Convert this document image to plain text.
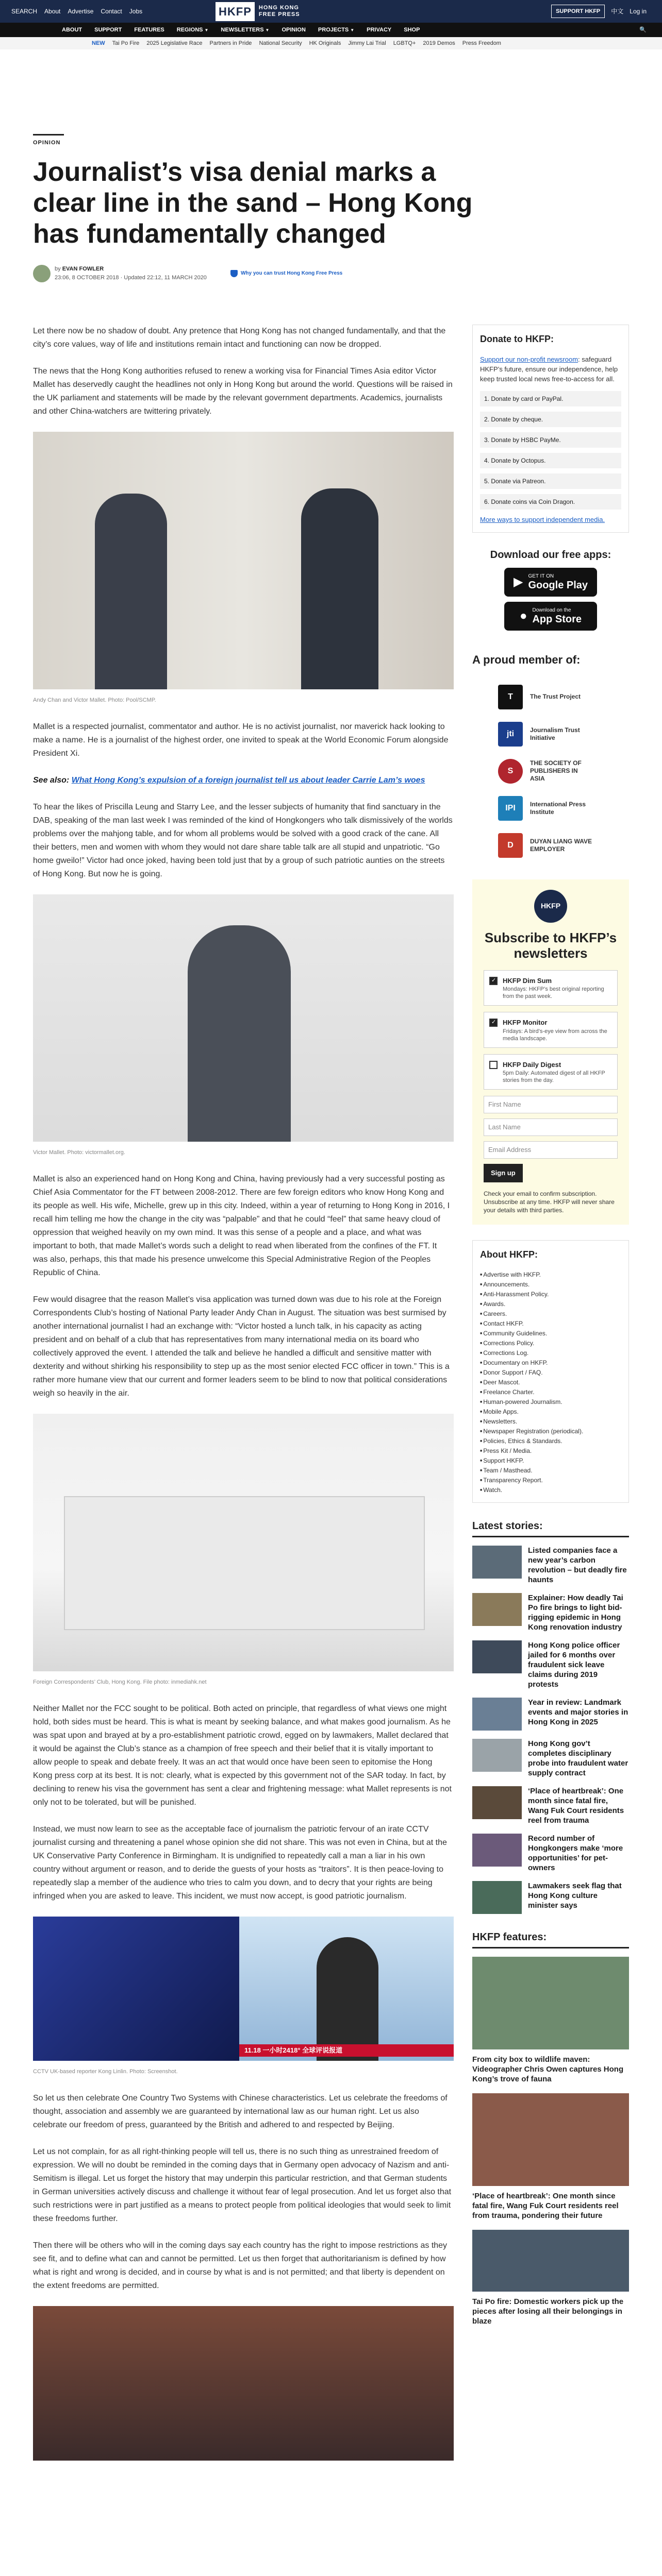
SEARCH About Advertise Contact Jobs	HKFP	HONG KONG
FREE PRESS
SUPPORT HKFP	中文 Log in
ABOUT SUPPORT FEATURES REGIONS ▼ NEWSLETTERS ▼ OPINION PROJECTS ▼ PRIVACY SHOP	🔍
NEW Tai Po Fire 2025 Legislative Race Partners in Pride National Security HK Originals Jimmy Lai Trial LGBTQ+ 2019 Demos Press Freedom
OPINION
Journalist’s visa denial marks a clear line in the sand – Hong Kong has fundamentally changed
by EVAN FOWLER
23:06, 8 OCTOBER 2018 · Updated 22:12, 11 MARCH 2020
Why you can trust Hong Kong Free Press

Let there now be no shadow of doubt. Any pretence that Hong Kong has not changed fundamentally, and that the city’s core values, way of life and institutions remain intact and functioning can now be dropped.

The news that the Hong Kong authorities refused to renew a working visa for Financial Times Asia editor Victor Mallet has deservedly caught the headlines not only in Hong Kong but around the world. Questions will be raised in the UK parliament and statements will be made by the relevant government departments. Academics, journalists and other China-watchers are twittering privately.

Andy Chan and Victor Mallet. Photo: Pool/SCMP.

Mallet is a respected journalist, commentator and author. He is no activist journalist, nor maverick hack looking to make a name. He is a journalist of the highest order, one invited to speak at the World Economic Forum alongside President Xi.

See also: What Hong Kong’s expulsion of a foreign journalist tell us about leader Carrie Lam’s woes

To hear the likes of Priscilla Leung and Starry Lee, and the lesser subjects of humanity that find sanctuary in the DAB, speaking of the man last week I was reminded of the kind of Hongkongers who talk dismissively of the worlds problems over the mahjong table, and for whom all problems would be solved with a good crack of the cane. All their betters, men and women with whom they would not dare share table talk are all stupid and unpatriotic. “Go home gweilo!” Victor had once joked, having been told just that by a group of such patriotic aunties on the streets of Hong Kong. But now he is going.

Victor Mallet. Photo: victormallet.org.

Mallet is also an experienced hand on Hong Kong and China, having previously had a very successful posting as Chief Asia Commentator for the FT between 2008-2012. There are few foreign editors who know Hong Kong and its people as well. His wife, Michelle, grew up in this city. Indeed, within a year of returning to Hong Kong in 2016, I recall him telling me how the change in the city was “palpable” and that he could “feel” that same heavy cloud of oppression that weighed heavily on my own mind. It was this sense of a people and a place, and what was important to both, that made Mallet’s words such a delight to read when liberated from the confines of the FT. It was also, perhaps, this that made his presence unwelcome this Special Administrative Region of the Peoples Republic of China.

Few would disagree that the reason Mallet’s visa application was turned down was due to his role at the Foreign Correspondents Club’s hosting of National Party leader Andy Chan in August. The situation was best surmised by another international journalist I had an exchange with: “Victor hosted a lunch talk, in his capacity as acting president and on behalf of a club that has representatives from many international media on its board who collectively approved the event. I attended the talk and believe he handled a difficult and sensitive matter with dexterity and without shirking his responsibility to step up as the most senior elected FCC officer in town.” This is a rather more humane view that our current and former leaders seem to be blind to now that political considerations weigh so heavily in the air.

Foreign Correspondents’ Club, Hong Kong. File photo: inmediahk.net

Neither Mallet nor the FCC sought to be political. Both acted on principle, that regardless of what views one might hold, both sides must be heard. This is what is meant by seeking balance, and what makes good journalism. As he was spat upon and brayed at by a pro-establishment patriotic crowd, egged on by lawmakers, Mallet declared that it would be against the Club’s stance as a champion of free speech and their belief that it is vitally important to allow people to speak and debate freely. It was an act that would once have been seen to epitomise the Hong Kong press corp at its best. It is not: clearly, what is expected by this government not of the SAR today. In fact, by declining to renew his visa the government has sent a clear and frightening message: what Mallet represents is not only not to be tolerated, but will be punished.

Instead, we must now learn to see as the acceptable face of journalism the patriotic fervour of an irate CCTV journalist cursing and threatening a panel whose opinion she did not share. This was not even in China, but at the UK Conservative Party Conference in Birmingham. It is undignified to repeatedly call a man a liar in his own country without argument or reason, and to deride the guests of your hosts as “traitors”. It is then peace-loving to repeatedly slap a member of the audience who tries to calm you down, and to decry that your rights are being infringed when you are asked to leave. This incident, we must now accept, is good patriotic journalism.

11.18 一小时2418° 全球评说报道
CCTV UK-based reporter Kong Linlin. Photo: Screenshot.

So let us then celebrate One Country Two Systems with Chinese characteristics. Let us celebrate the freedoms of thought, association and assembly we are guaranteed by international law as our human right. Let us also celebrate our freedom of press, guaranteed by the British and adhered to and respected by Beijing.

Let us not complain, for as all right-thinking people will tell us, there is no such thing as unrestrained freedom of expression. We will no doubt be reminded in the coming days that in Germany open advocacy of Nazism and anti-Semitism is illegal. Let us forget the history that may underpin this particular restriction, and that German students in German universities actively discuss and challenge it without fear of legal prosecution. And let us forget also that such restrictions were in part justified as a means to protect people from political ideologies that would seek to limit these freedoms further.

Then there will be others who will in the coming days say each country has the right to impose restrictions as they see fit, and to define what can and cannot be permitted. Let us then forget that authoritarianism is defined by how what is right and wrong is decided, and in course by what is and is not permitted; and that liberty is dependent on the extent freedoms are permitted.

Donate to HKFP:
Support our non-profit newsroom: safeguard HKFP’s future, ensure our independence, help keep trusted local news free-to-access for all.
1. Donate by card or PayPal.
2. Donate by cheque.
3. Donate by HSBC PayMe.
4. Donate by Octopus.
5. Donate via Patreon.
6. Donate coins via Coin Dragon.
More ways to support independent media.
Download our free apps:
▶ GET IT ON
Google Play
● Download on the
App Store
A proud member of:
T	The Trust Project
jti	Journalism Trust Initiative
S
THE SOCIETY OF PUBLISHERS IN ASIA
IPI	International Press Institute
D	DUYAN LIANG WAVE EMPLOYER
HKFP
Subscribe to HKFP’s newsletters
✓
HKFP Dim Sum
Mondays: HKFP’s best original reporting from the past week.
✓
HKFP Monitor
Fridays: A bird’s-eye view from across the media landscape.
HKFP Daily Digest
5pm Daily: Automated digest of all HKFP stories from the day.
First Name
Last Name
Email Address
Sign up
Check your email to confirm subscription. Unsubscribe at any time. HKFP will never share your details with third parties.
About HKFP:
■ Advertise with HKFP.
■ Announcements.
■ Anti-Harassment Policy.
■ Awards.
■ Careers.
■ Contact HKFP.
■ Community Guidelines.
■ Corrections Policy.
■ Corrections Log.
■ Documentary on HKFP.
■ Donor Support / FAQ.
■ Deer Mascot.
■ Freelance Charter.
■ Human-powered Journalism.
■ Mobile Apps.
■ Newsletters.
■ Newspaper Registration (periodical).
■ Policies, Ethics & Standards.
■ Press Kit / Media.
■ Support HKFP.
■ Team / Masthead.
■ Transparency Report.
■ Watch.
Latest stories:
Listed companies face a new year’s carbon revolution – but deadly fire haunts
Explainer: How deadly Tai Po fire brings to light bid-rigging epidemic in Hong Kong renovation industry
Hong Kong police officer jailed for 6 months over fraudulent sick leave claims during 2019 protests
Year in review: Landmark events and major stories in Hong Kong in 2025
Hong Kong gov’t completes disciplinary probe into fraudulent water supply contract
‘Place of heartbreak’: One month since fatal fire, Wang Fuk Court residents reel from trauma
Record number of Hongkongers make ‘more opportunities’ for pet-owners
Lawmakers seek flag that Hong Kong culture minister says
HKFP features:
From city box to wildlife maven: Videographer Chris Owen captures Hong Kong’s trove of fauna
‘Place of heartbreak’: One month since fatal fire, Wang Fuk Court residents reel from trauma, pondering their future
Tai Po fire: Domestic workers pick up the pieces after losing all their belongings in blaze
